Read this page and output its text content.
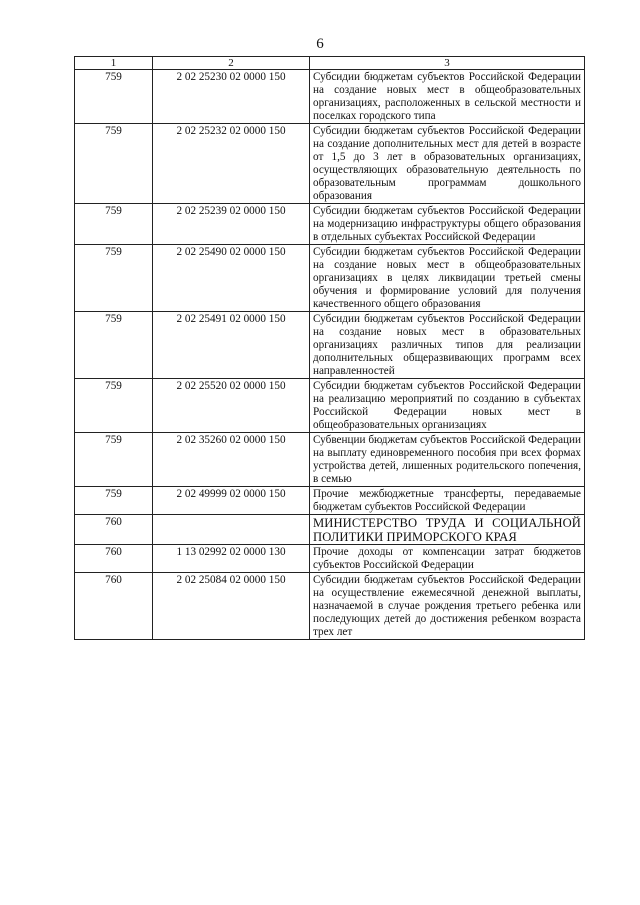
6
1	2	3
759	2 02 25230 02 0000 150	Субсидии бюджетам субъектов Российской Федерации на создание новых мест в общеобразовательных организациях, расположенных в сельской местности и поселках городского типа
759	2 02 25232 02 0000 150	Субсидии бюджетам субъектов Российской Федерации на создание дополнительных мест для детей в возрасте от 1,5 до 3 лет в образовательных организациях, осуществляющих образовательную деятельность по образовательным программам дошкольного образования
759	2 02 25239 02 0000 150	Субсидии бюджетам субъектов Российской Федерации на модернизацию инфраструктуры общего образования в отдельных субъектах Российской Федерации
759	2 02 25490 02 0000 150	Субсидии бюджетам субъектов Российской Федерации на создание новых мест в общеобразовательных организациях в целях ликвидации третьей смены обучения и формирование условий для получения качественного общего образования
759	2 02 25491 02 0000 150	Субсидии бюджетам субъектов Российской Федерации на создание новых мест в образовательных организациях различных типов для реализации дополнительных общеразвивающих программ всех направленностей
759	2 02 25520 02 0000 150	Субсидии бюджетам субъектов Российской Федерации на реализацию мероприятий по созданию в субъектах Российской Федерации новых мест в общеобразовательных организациях
759	2 02 35260 02 0000 150	Субвенции бюджетам субъектов Российской Федерации на выплату единовременного пособия при всех формах устройства детей, лишенных родительского попечения, в семью
759	2 02 49999 02 0000 150	Прочие межбюджетные трансферты, передаваемые бюджетам субъектов Российской Федерации
760		МИНИСТЕРСТВО ТРУДА И СОЦИАЛЬНОЙ ПОЛИТИКИ ПРИМОРСКОГО КРАЯ
760	1 13 02992 02 0000 130	Прочие доходы от компенсации затрат бюджетов субъектов Российской Федерации
760	2 02 25084 02 0000 150	Субсидии бюджетам субъектов Российской Федерации на осуществление ежемесячной денежной выплаты, назначаемой в случае рождения третьего ребенка или последующих детей до достижения ребенком возраста трех лет
